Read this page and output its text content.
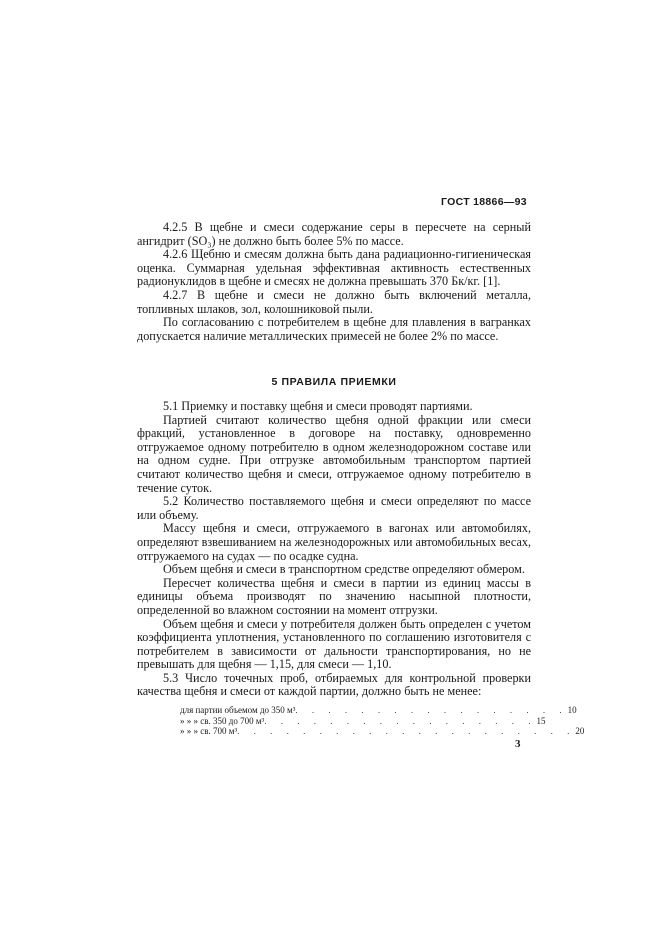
ГОСТ 18866—93

4.2.5 В щебне и смеси содержание серы в пересчете на серный ангидрит (SO₃) не должно быть более 5% по массе.

4.2.6 Щебню и смесям должна быть дана радиационно-гигиеническая оценка. Суммарная удельная эффективная активность естественных радионуклидов в щебне и смесях не должна превышать 370 Бк/кг. [1].

4.2.7 В щебне и смеси не должно быть включений металла, топливных шлаков, зол, колошниковой пыли.

По согласованию с потребителем в щебне для плавления в вагранках допускается наличие металлических примесей не более 2% по массе.

5 ПРАВИЛА ПРИЕМКИ

5.1 Приемку и поставку щебня и смеси проводят партиями.

Партией считают количество щебня одной фракции или смеси фракций, установленное в договоре на поставку, одновременно отгружаемое одному потребителю в одном железнодорожном составе или на одном судне. При отгрузке автомобильным транспортом партией считают количество щебня и смеси, отгружаемое одному потребителю в течение суток.

5.2 Количество поставляемого щебня и смеси определяют по массе или объему.

Массу щебня и смеси, отгружаемого в вагонах или автомобилях, определяют взвешиванием на железнодорожных или автомобильных весах, отгружаемого на судах — по осадке судна.

Объем щебня и смеси в транспортном средстве определяют обмером.

Пересчет количества щебня и смеси в партии из единиц массы в единицы объема производят по значению насыпной плотности, определенной во влажном состоянии на момент отгрузки.

Объем щебня и смеси у потребителя должен быть определен с учетом коэффициента уплотнения, установленного по соглашению изготовителя с потребителем в зависимости от дальности транспортирования, но не превышать для щебня — 1,15, для смеси — 1,10.

5.3 Число точечных проб, отбираемых для контрольной проверки качества щебня и смеси от каждой партии, должно быть не менее:

для партии объемом до 350 м³ . . . . . . . . . . . . . . . . . 10
» » » св. 350 до 700 м³ . . . . . . . . . . . . . . . . . 15
» » » св. 700 м³ . . . . . . . . . . . . . . . . . . . . . 20
3
